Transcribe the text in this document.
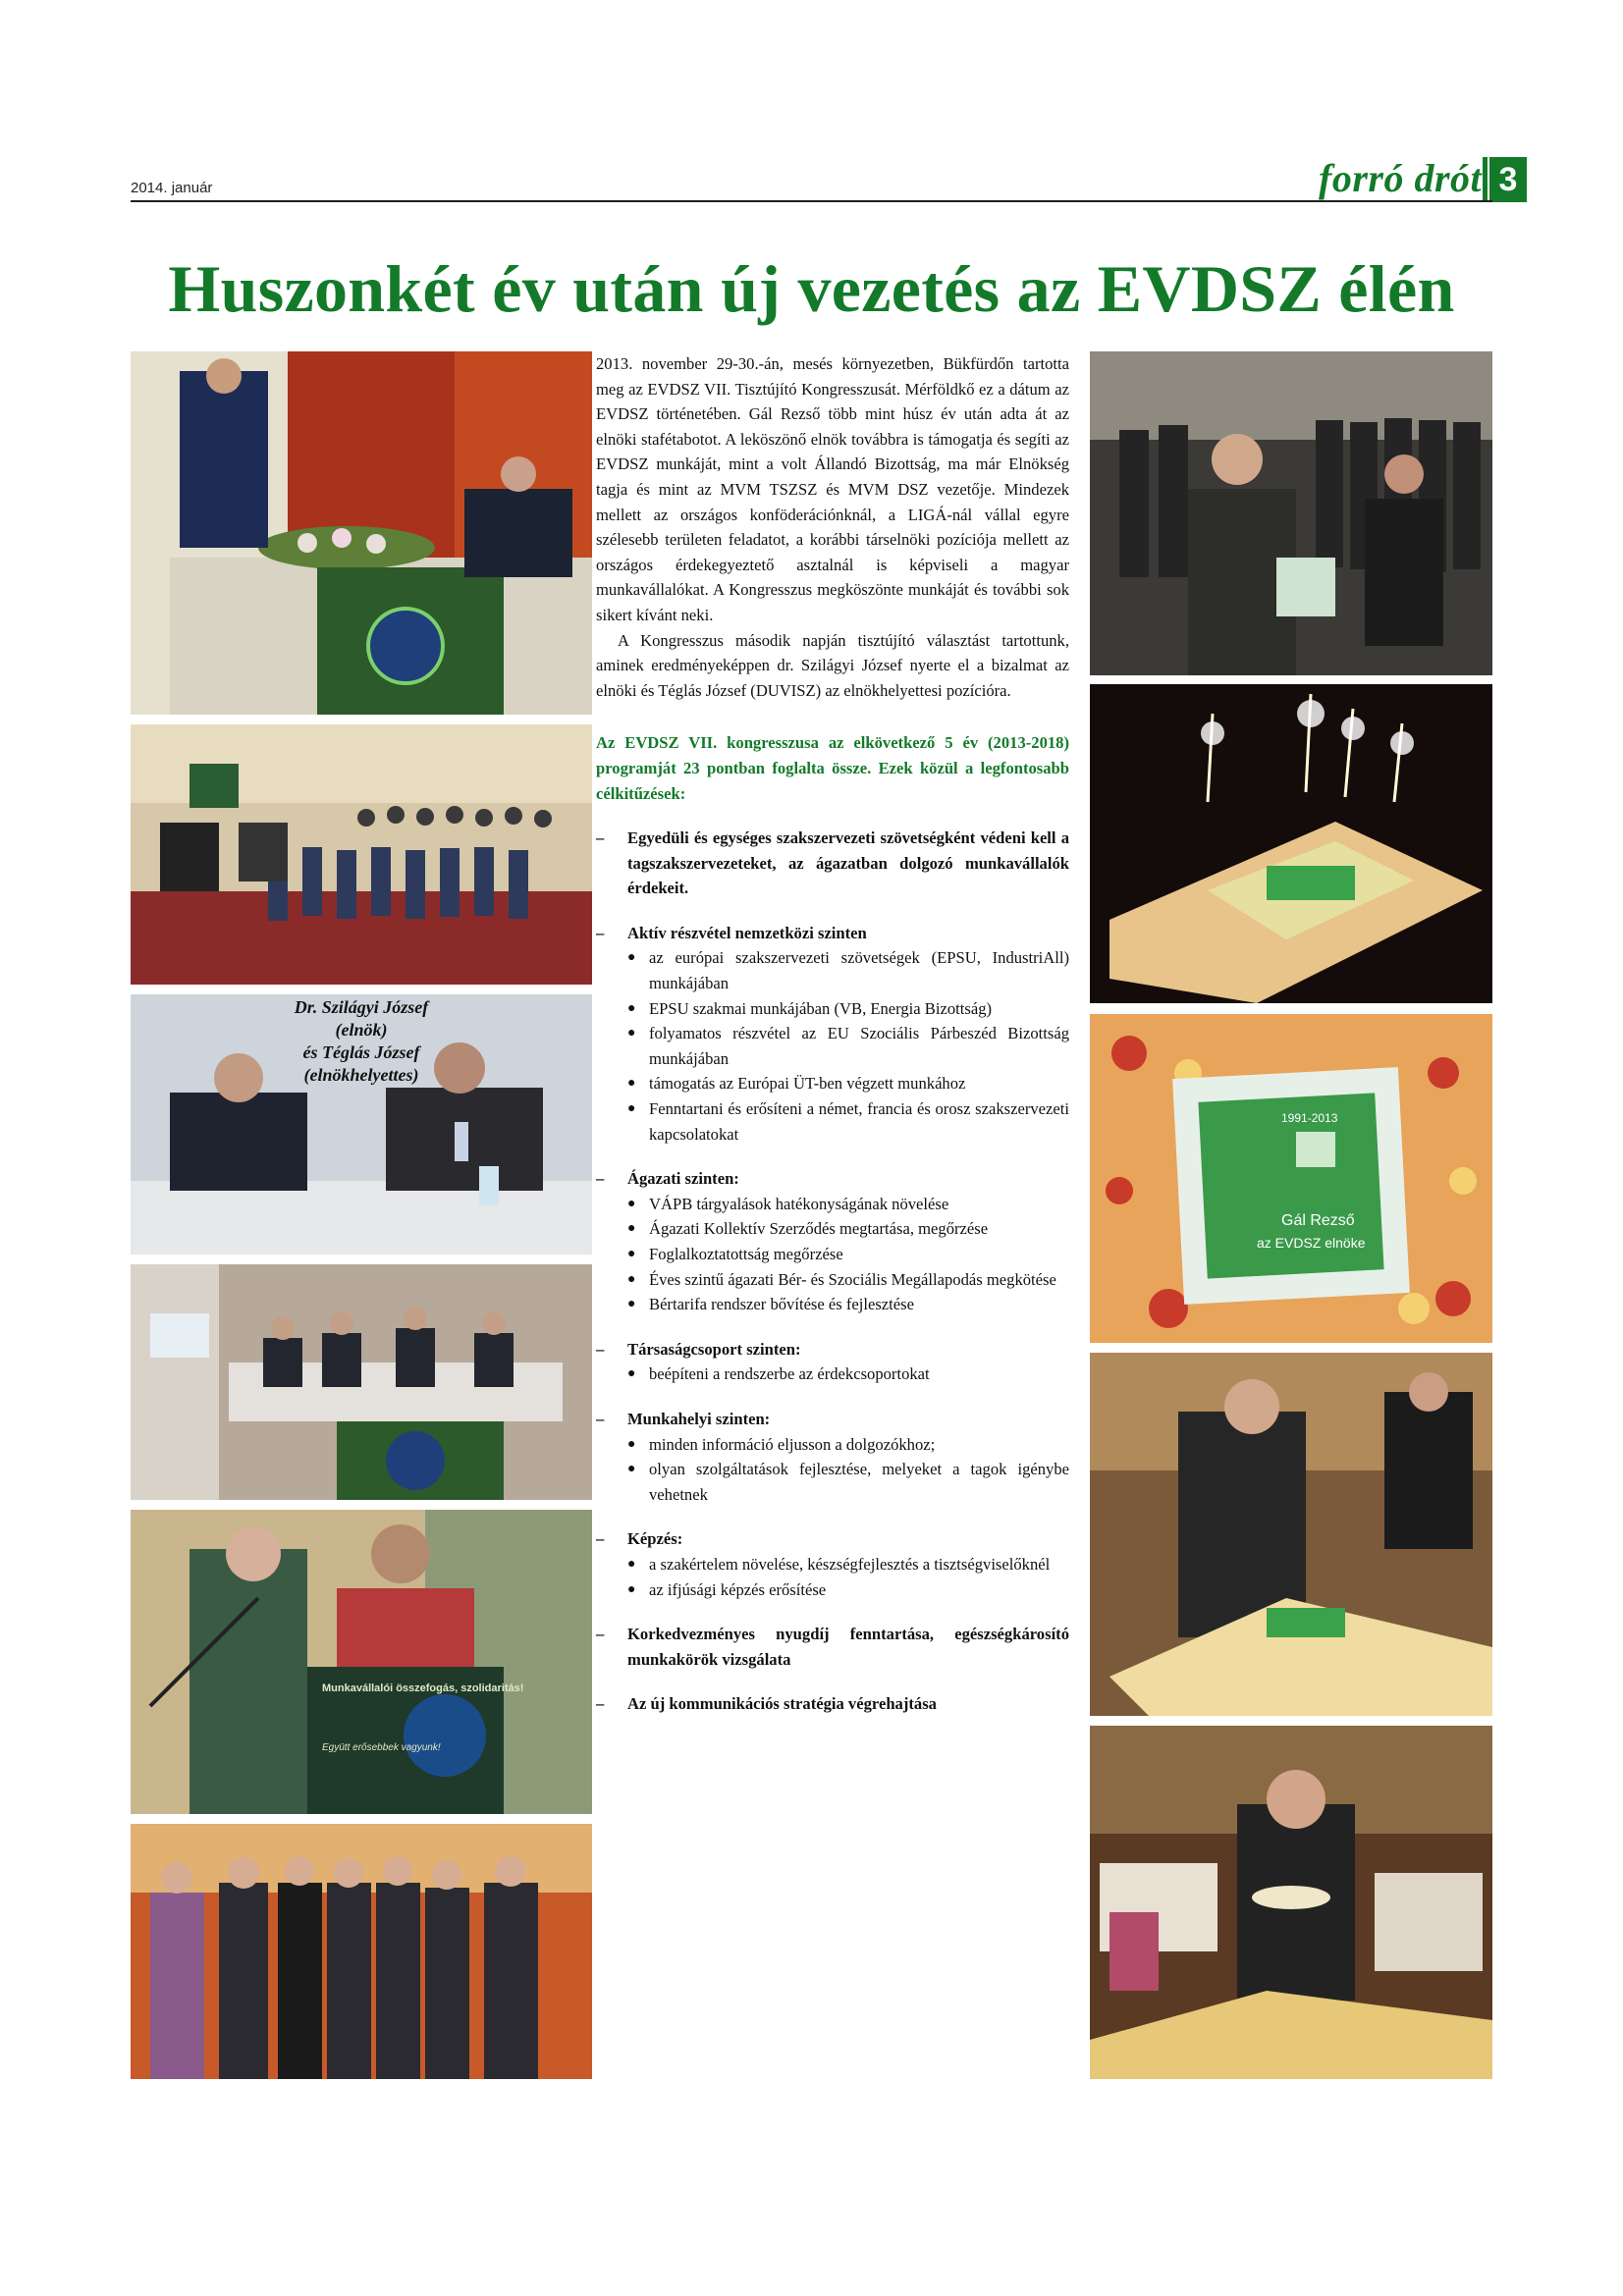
2014. január	forró drót 3
Huszonkét év után új vezetés az EVDSZ élén
Dr. Szilágyi József
(elnök)
és Téglás József
(elnökhelyettes)
Munkavállalói összefogás, szolidaritás!
Együtt erősebbek vagyunk!
1991-2013
Gál Rezső
az EVDSZ elnöke

2013. november 29-30.-án, mesés környezetben, Bükfürdőn tartotta meg az EVDSZ VII. Tisztújító Kongresszusát. Mérföldkő ez a dátum az EVDSZ történetében. Gál Rezső több mint húsz év után adta át az elnöki stafétabotot. A leköszönő elnök továbbra is támogatja és segíti az EVDSZ munkáját, mint a volt Állandó Bizottság, ma már Elnökség tagja és mint az MVM TSZSZ és MVM DSZ vezetője. Mindezek mellett az országos konföderációnknál, a LIGÁ-nál vállal egyre szélesebb területen feladatot, a korábbi társelnöki pozíciója mellett az országos érdekegyeztető asztalnál is képviseli a magyar munkavállalókat. A Kongresszus megköszönte munkáját és további sok sikert kívánt neki.

A Kongresszus második napján tisztújító választást tartottunk, aminek eredményeképpen dr. Szilágyi József nyerte el a bizalmat az elnöki és Téglás József (DUVISZ) az elnökhelyettesi pozícióra.

Az EVDSZ VII. kongresszusa az elkövetkező 5 év (2013-2018) programját 23 pontban foglalta össze. Ezek közül a legfontosabb célkitűzések:

– Egyedüli és egységes szakszervezeti szövetségként védeni kell a tagszakszervezeteket, az ágazatban dolgozó munkavállalók érdekeit.
– Aktív részvétel nemzetközi szinten
● az európai szakszervezeti szövetségek (EPSU, IndustriAll) munkájában
● EPSU szakmai munkájában (VB, Energia Bizottság)
● folyamatos részvétel az EU Szociális Párbeszéd Bizottság munkájában
● támogatás az Európai ÜT-ben végzett munkához
● Fenntartani és erősíteni a német, francia és orosz szakszervezeti kapcsolatokat
– Ágazati szinten:
● VÁPB tárgyalások hatékonyságának növelése
● Ágazati Kollektív Szerződés megtartása, megőrzése
● Foglalkoztatottság megőrzése
● Éves szintű ágazati Bér- és Szociális Megállapodás megkötése
● Bértarifa rendszer bővítése és fejlesztése
– Társaságcsoport szinten:
● beépíteni a rendszerbe az érdekcsoportokat
– Munkahelyi szinten:
● minden információ eljusson a dolgozókhoz;
● olyan szolgáltatások fejlesztése, melyeket a tagok igénybe vehetnek
– Képzés:
● a szakértelem növelése, készségfejlesztés a tisztségviselőknél
● az ifjúsági képzés erősítése
– Korkedvezményes nyugdíj fenntartása, egészségkárosító munkakörök vizsgálata
– Az új kommunikációs stratégia végrehajtása
